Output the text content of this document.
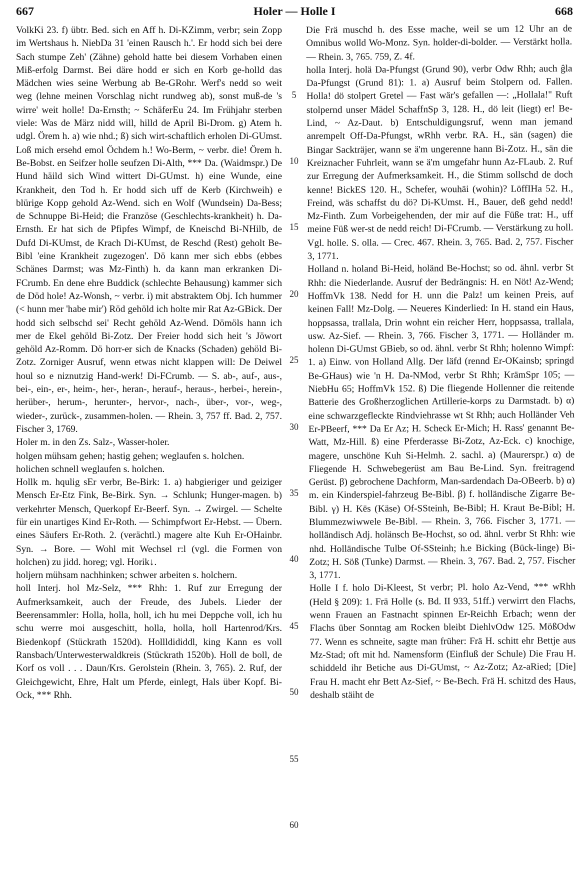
667	Holer — Holle I	668

VolkKi 23. f) übtr. Bed. sich en Aff h. Di-KZimm, verbr; sein Zopp im Wertshaus h. NiebDa 31 'einen Rausch h.'. Er hodd sich bei dere Sach stumpe Zeh' (Zähne) gehold hatte bei diesem Vorhaben einen Miß-erfolg Darmst. Bei däre hodd er sich en Korb ge-holld das Mädchen wies seine Werbung ab Be-GRohr. Werf's nedd so weit weg (lehne meinen Vorschlag nicht rundweg ab), sonst muß-de 's wirre' weit holle! Da-Ernsth; ~ SchäferEu 24. Im Frühjahr sterben viele: Was de März nidd will, hilld de April Bi-Drom. g) Atem h. udgl. Örem h. a) wie nhd.; ß) sich wirt-schaftlich erholen Di-GUmst. Loß mich ersehd emol Öchdem h.! Wo-Berm, ~ verbr. die! Örem h. Be-Bobst. en Seifzer holle seufzen Di-Alth, *** Da. (Waidmspr.) De Hund häild sich Wind wittert Di-GUmst. h) eine Wunde, eine Krankheit, den Tod h. Er hodd sich uff de Kerb (Kirchweih) e blürige Kopp gehold Az-Wend. sich en Wolf (Wundsein) Da-Bess; de Schnuppe Bi-Heid; die Französe (Geschlechts-krankheit) h. Da-Ernsth. Er hat sich de Pfipfes Wimpf, de Kneischd Bi-NHilb, de Dufd Di-KUmst, de Krach Di-KUmst, de Reschd (Rest) geholt Be-Bibl 'eine Krankheit zugezogen'. Dö kann mer sich ebbs (ebbes Schänes Darmst; was Mz-Finth) h. da kann man erkranken Di-FCrumb. En dene ehre Buddick (schlechte Behausung) kammer sich de Död hole! Az-Wonsh, ~ verbr. i) mit abstraktem Obj. Ich hummer (< hunn mer 'habe mir') Röd gehöld ich holte mir Rat Az-GBick. Der hodd sich selbschd sei' Recht gehöld Az-Wend. Dömöls hann ich mer de Ekel gehöld Bi-Zotz. Der Freier hodd sich heit 's Jöwort gehöld Az-Romm. Dö horr-er sich de Knacks (Schaden) gehöld Bi-Zotz. Zorniger Ausruf, wenn etwas nicht klappen will: De Deiwel houl so e niznutzig Hand-werk! Di-FCrumb. — S. ab-, auf-, aus-, bei-, ein-, er-, heim-, her-, heran-, herauf-, heraus-, herbei-, herein-, herüber-, herum-, herunter-, hervor-, nach-, über-, vor-, weg-, wieder-, zurück-, zusammen-holen. — Rhein. 3, 757 ff. Bad. 2, 757. Fischer 3, 1769.

Holer m. in den Zs. Salz-, Wasser-holer.

holgen mühsam gehen; hastig gehen; weglaufen s. holchen.

holichen schnell weglaufen s. holchen.

Hollk m. hqulig sEr verbr, Be-Birk: 1. a) habgieriger und geiziger Mensch Er-Etz Fink, Be-Birk. Syn. → Schlunk; Hunger-magen. b) verkehrter Mensch, Querkopf Er-Beerf. Syn. → Zwirgel. — Schelte für ein unartiges Kind Er-Roth. — Schimpfwort Er-Hebst. — Übern. eines Säufers Er-Roth. 2. (verächtl.) magere alte Kuh Er-OHainbr. Syn. → Bore. — Wohl mit Wechsel r:l (vgl. die Formen von holchen) zu jidd. horeg; vgl. Horik↓.

holjern mühsam nachhinken; schwer arbeiten s. holchern.

holl Interj. hol Mz-Selz, *** Rhh: 1. Ruf zur Erregung der Aufmerksamkeit, auch der Freude, des Jubels. Lieder der Beerensammler: Holla, holla, holl, ich hu mei Deppche voll, ich hu schu werre moi ausgeschitt, holla, holla, holl Hartenrod/Krs. Biedenkopf (Stückrath 1520d). Hollldididdl, king Kann es voll Ransbach/Unterwesterwaldkreis (Stückrath 1520b). Holl de boll, de Korf os voll . . . Daun/Krs. Gerolstein (Rhein. 3, 765). 2. Ruf, der Gleichgewicht, Ehre, Halt um Pferde, einlegt, Hals über Kopf. Bi-Ock, *** Rhh.

5
10
15
20
25
30
35
40
45
50
55
60

Die Frä muschd h. des Esse mache, weil se um 12 Uhr an de Omnibus wolld Wo-Monz. Syn. holder-di-bolder. — Verstärkt holla. — Rhein. 3, 765. 759, Z. 4f.

holla Interj. holä Da-Pfungst (Grund 90), verbr Odw Rhh; auch ĝla Da-Pfungst (Grund 81): 1. a) Ausruf beim Stolpern od. Fallen. Holla! dö stolpert Gretel — Fast wär's gefallen —: „Hollala!" Ruft stolpernd unser Mädel SchaffnSp 3, 128. H., dö leit (liegt) er! Be-Lind, ~ Az-Daut. b) Entschuldigungsruf, wenn man jemand anrempelt Off-Da-Pfungst, wRhh verbr. RA. H., sän (sagen) die Bingar Sackträjer, wann se ä'm ungerenne hann Bi-Zotz. H., sän die Kreiznacher Fuhrleit, wann se ä'm umgefahr hunn Az-FLaub. 2. Ruf zur Erregung der Aufmerksamkeit. H., die Stimm sollschd de doch kenne! BickES 120. H., Schefer, wouhäi (wohin)? LöffIHa 52. H., Freind, wäs schaffst du dö? Di-KUmst. H., Bauer, deß gehd nedd! Mz-Finth. Zum Vorbeigehenden, der mir auf die Füße trat: H., uff meine Füß wer-st de nedd reich! Di-FCrumb. — Verstärkung zu holl. Vgl. holle. S. olla. — Crec. 467. Rhein. 3, 765. Bad. 2, 757. Fischer 3, 1771.

Holland n. holand Bi-Heid, holänd Be-Hochst; so od. ähnl. verbr St Rhh: die Niederlande. Ausruf der Bedrängnis: H. en Nöt! Az-Wend; HoffmVk 138. Nedd for H. unn die Palz! um keinen Preis, auf keinen Fall! Mz-Dolg. — Neueres Kinderlied: In H. stand ein Haus, hoppsassa, trallala, Drin wohnt ein reicher Herr, hoppsassa, trallala, usw. Az-Sief. — Rhein. 3, 766. Fischer 3, 1771. — Holländer m. holenn Di-GUmst GBieb, so od. ähnl. verbr St Rhh; holenno Wimpf: 1. a) Einw. von Holland Allg. Der läfd (rennd Er-OKainsb; springd Be-GHaus) wie 'n H. Da-NMod, verbr St Rhh; KrämSpr 105; — NiebHu 65; HoffmVk 152. ß) Die fliegende Hollenner die reitende Batterie des Großherzoglichen Artillerie-korps zu Darmstadt. b) α) eine schwarzgefleckte Rindviehrasse wt St Rhh; auch Holländer Veh Er-PBeerf, *** Da Er Az; H. Scheck Er-Mich; H. Rass' genannt Be-Watt, Mz-Hill. ß) eine Pferderasse Bi-Zotz, Az-Eck. c) knochige, magere, unschöne Kuh Si-Helmh. 2. sachl. a) (Maurerspr.) α) de Fliegende H. Schwebegerüst am Bau Be-Lind. Syn. freitragend Gerüst. β) gebrochene Dachform, Man-sardendach Da-OBeerb. b) α) m. ein Kinderspiel-fahrzeug Be-Bibl. β) f. holländische Zigarre Be-Bibl. γ) H. Kës (Käse) Of-SSteinh, Be-Bibl; H. Kraut Be-Bibl; H. Blummezwiwwele Be-Bibl. — Rhein. 3, 766. Fischer 3, 1771. — holländisch Adj. holänsch Be-Hochst, so od. ähnl. verbr St Rhh: wie nhd. Holländische Tulbe Of-SSteinh; h.e Bicking (Bück-linge) Bi-Zotz; H. Söß (Tunke) Darmst. — Rhein. 3, 767. Bad. 2, 757. Fischer 3, 1771.

Holle I f. holo Di-Kleest, St verbr; Pl. holo Az-Vend, *** wRhh (Held § 209): 1. Frä Holle (s. Bd. II 933, 51ff.) verwirrt den Flachs, wenn Frauen an Fastnacht spinnen Er-Reichh Erbach; wenn der Flachs über Sonntag am Rocken bleibt DiehlvOdw 125. MößOdw 77. Wenn es schneite, sagte man früher: Frä H. schitt ehr Bettje aus Mz-Stad; oft mit hd. Namensform (Einfluß der Schule) Die Frau H. schiddeld ihr Betiche aus Di-GUmst, ~ Az-Zotz; Az-aRied; [Die] Frau H. macht ehr Bett Az-Sief, ~ Be-Bech. Frä H. schitzd des Haus, deshalb stäiht de
